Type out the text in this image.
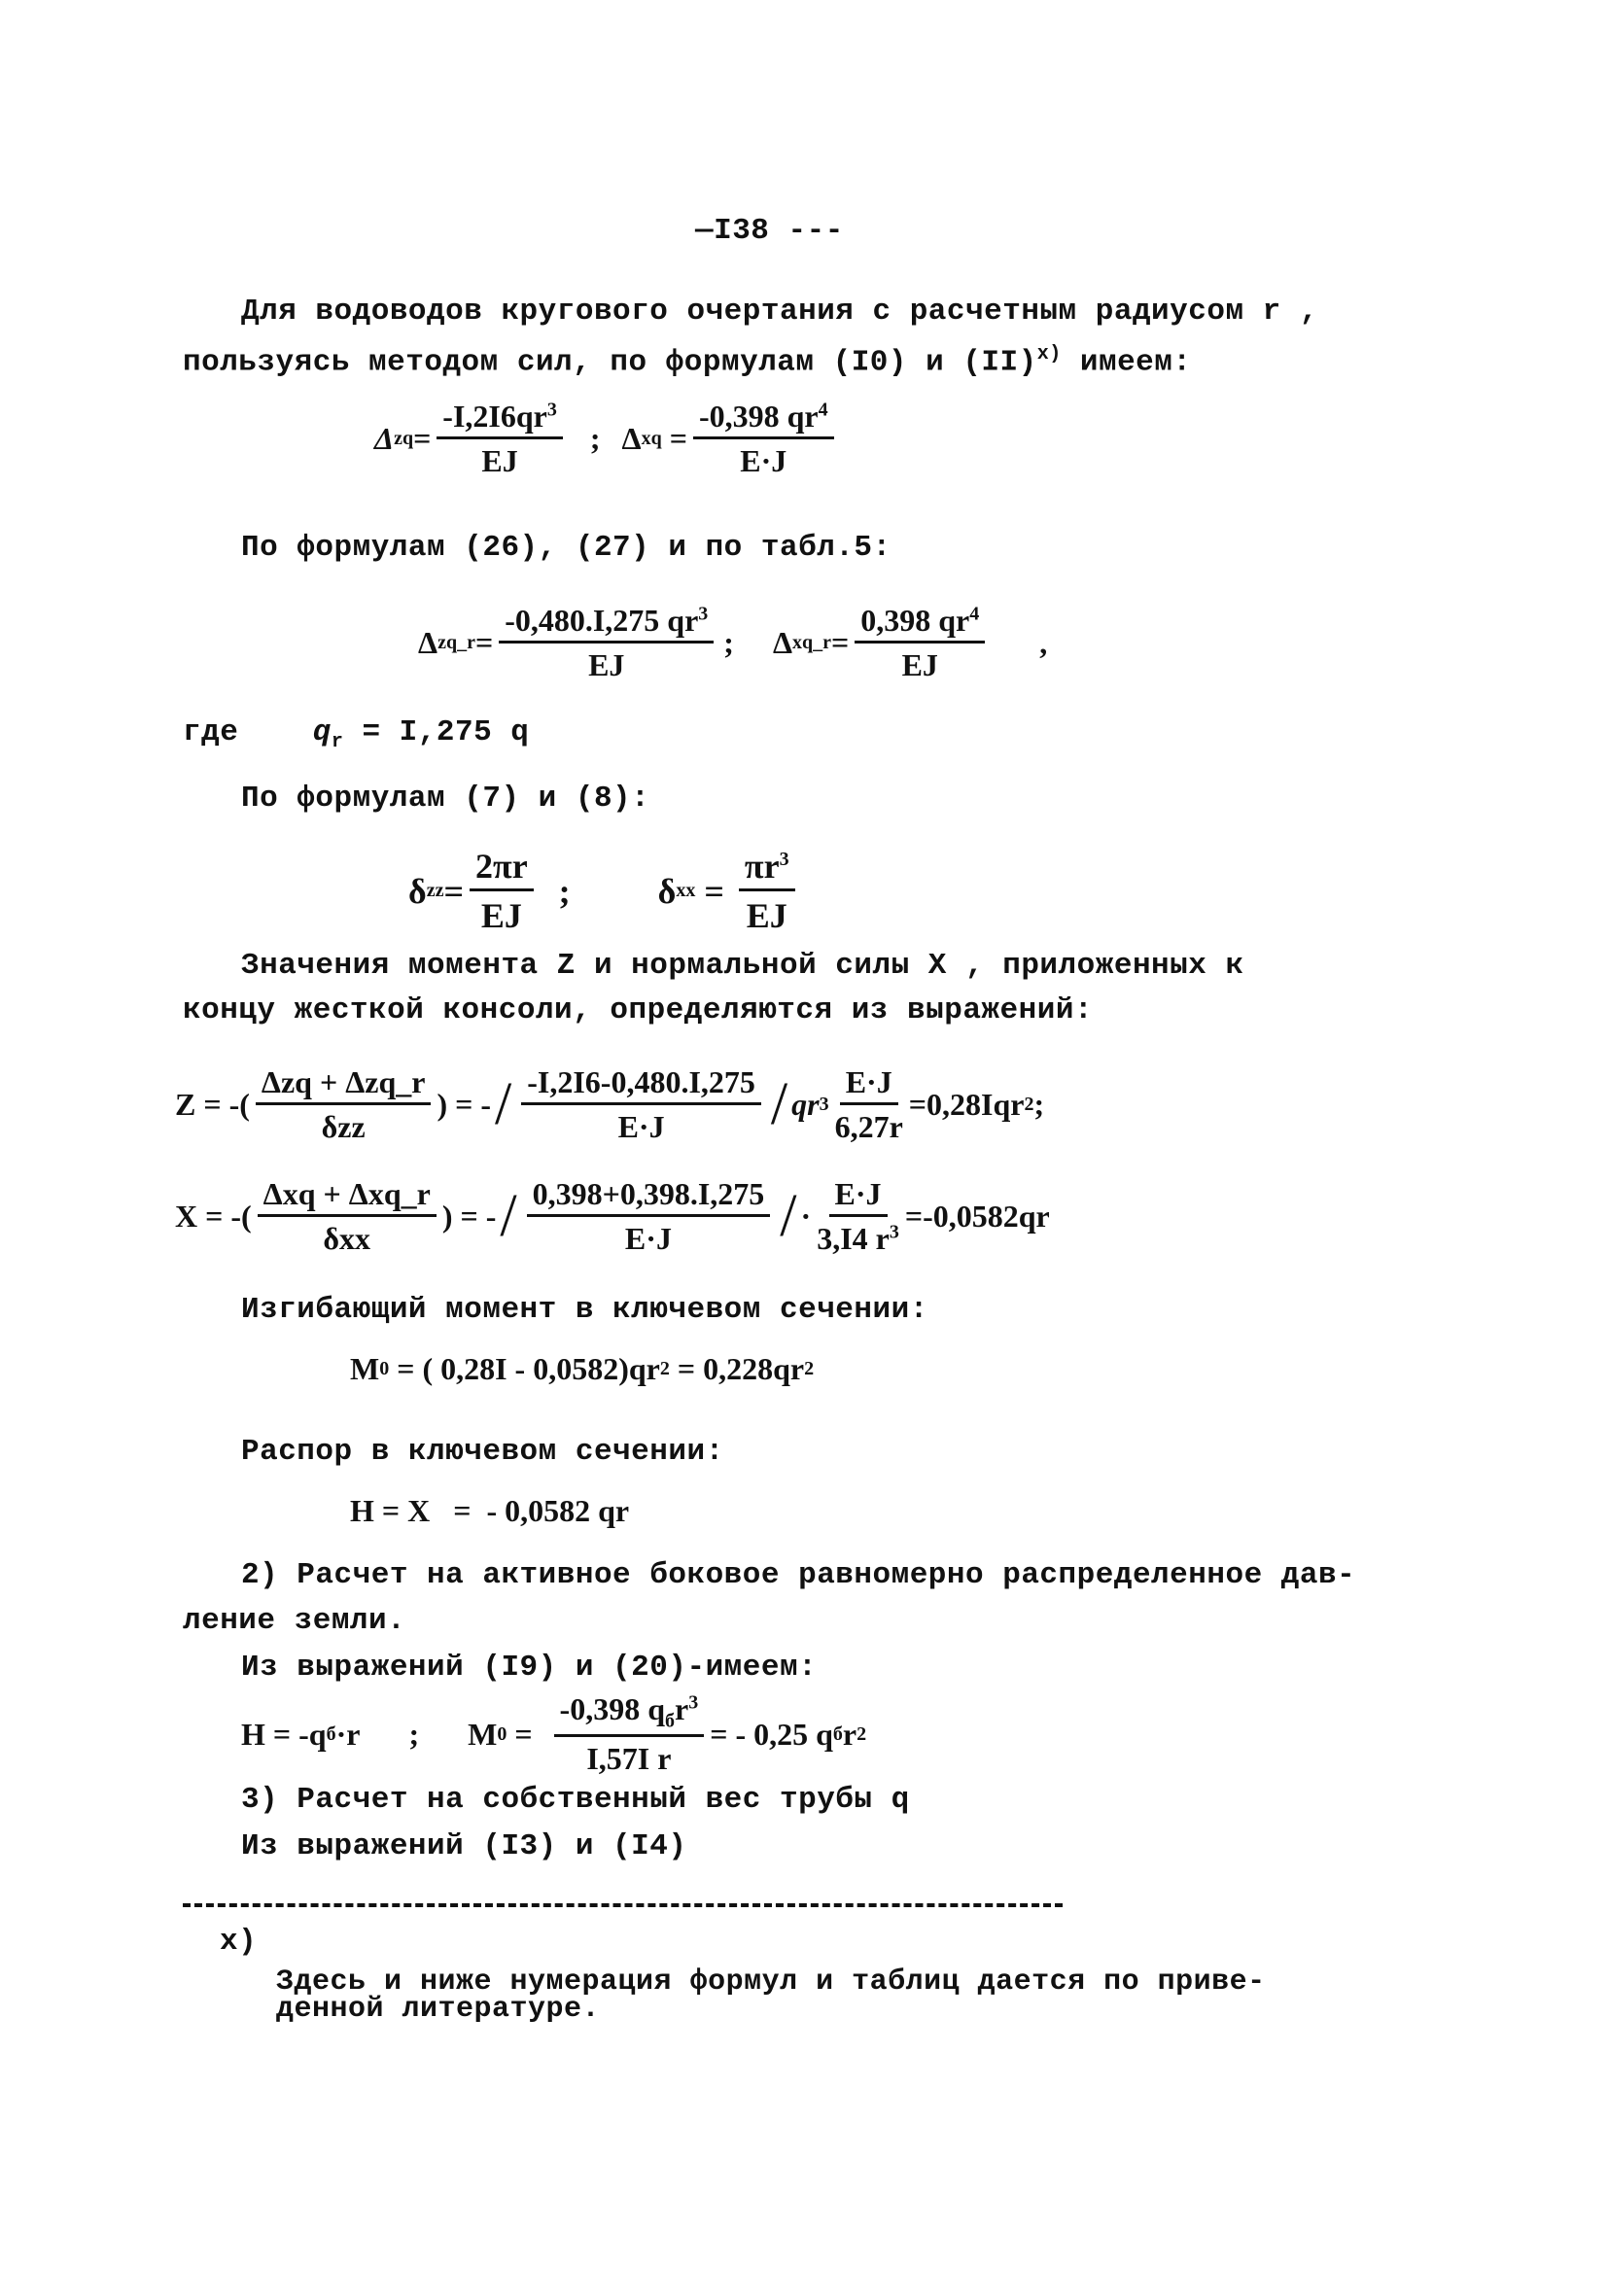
—I38 ---
Для водоводов кругового очертания с расчетным радиусом r ,
пользуясь методом сил, по формулам (I0) и (II)$^{x)}$ имеем:
Δ zq = $\frac{-I,2I6qr^3}{EJ}$ ; Δ xq = $\frac{-0,398 qr^4}{E\cdot J}$
По формулам (26), (27) и по табл.5:
Δ zq_r = $\frac{-0,480.I,275 qr^3}{EJ}$ ; Δ xq_r = $\frac{0,398 qr^4}{EJ}$ ,
где $q_r = I,275$ q
По формулам (7) и (8):
δ zz = $\frac{2\pi r}{EJ}$ ;	δ xx = $\frac{\pi r^3}{EJ}$
Значения момента Z и нормальной силы X , приложенных к
концу жесткой консоли, определяются из выражений:
Z = -( $\frac{\text{Δzq + Δzq\_r}}{\text{δzz}}$ ) = - / $\frac{-I,2I6-0,480.I,275}{E\cdot J}$ / qr $3 \frac{E\cdot J}{6,27r} =0,28Iqr$ 2 ;
X = -( $\frac{\text{Δxq + Δxq\_r}}{\text{δxx}}$ ) = - / $\frac{0,398+0,398.I,275}{E\cdot J}$ / · $\frac{E\cdot J}{3,I4 r^3} =-0,0582qr$
Изгибающий момент в ключевом сечении:
M 0
= ( 0,28I - 0,0582)qr 2
= 0,228qr 2
Распор в ключевом сечении:
H = X   =  - 0,0582 qr
2) Расчет на активное боковое равномерно распределенное дав-
ление земли.
Из выражений (I9) и (20)-имеем:
H = -q б ·r ; M 0
=
$\frac{-0,398 q_бr^3}{\text{I,57I r}}$ = - 0,25 q б r 2
3) Расчет на собственный вес трубы q
Из выражений (I3) и (I4)
x)
Здесь и ниже нумерация формул и таблиц дается по приве-
денной литературе.
